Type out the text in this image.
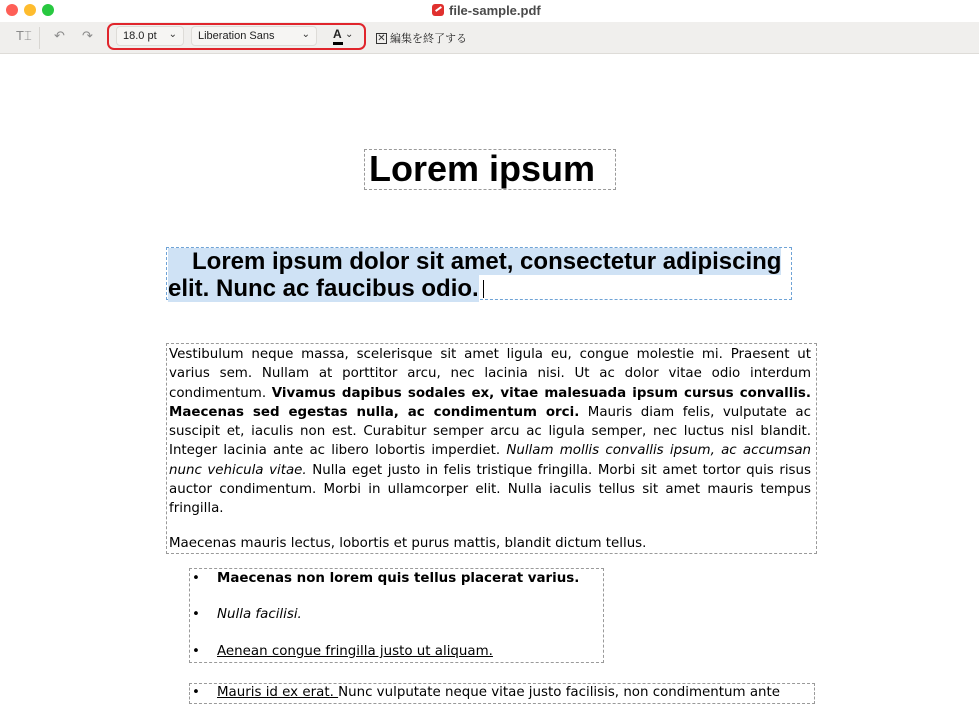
file-sample.pdf
T⌶ ↶ ↷	18.0 pt ⌄ Liberation Sans	⌄ A ⌄ ✕ 編集を終了する
Lorem ipsum
Lorem ipsum dolor sit amet, consectetur adipiscing elit. Nunc ac faucibus odio.

Vestibulum neque massa, scelerisque sit amet ligula eu, congue molestie mi. Praesent ut varius sem. Nullam at porttitor arcu, nec lacinia nisi. Ut ac dolor vitae odio interdum condimentum. Vivamus dapibus sodales ex, vitae malesuada ipsum cursus convallis. Maecenas sed egestas nulla, ac condimentum orci. Mauris diam felis, vulputate ac suscipit et, iaculis non est. Curabitur semper arcu ac ligula semper, nec luctus nisl blandit. Integer lacinia ante ac libero lobortis imperdiet. Nullam mollis convallis ipsum, ac accumsan nunc vehicula vitae. Nulla eget justo in felis tristique fringilla. Morbi sit amet tortor quis risus auctor condimentum. Morbi in ullamcorper elit. Nulla iaculis tellus sit amet mauris tempus fringilla.

Maecenas mauris lectus, lobortis et purus mattis, blandit dictum tellus.

• Maecenas non lorem quis tellus placerat varius.
• Nulla facilisi.
• Aenean congue fringilla justo ut aliquam.
• Mauris id ex erat. Nunc vulputate neque vitae justo facilisis, non condimentum ante
